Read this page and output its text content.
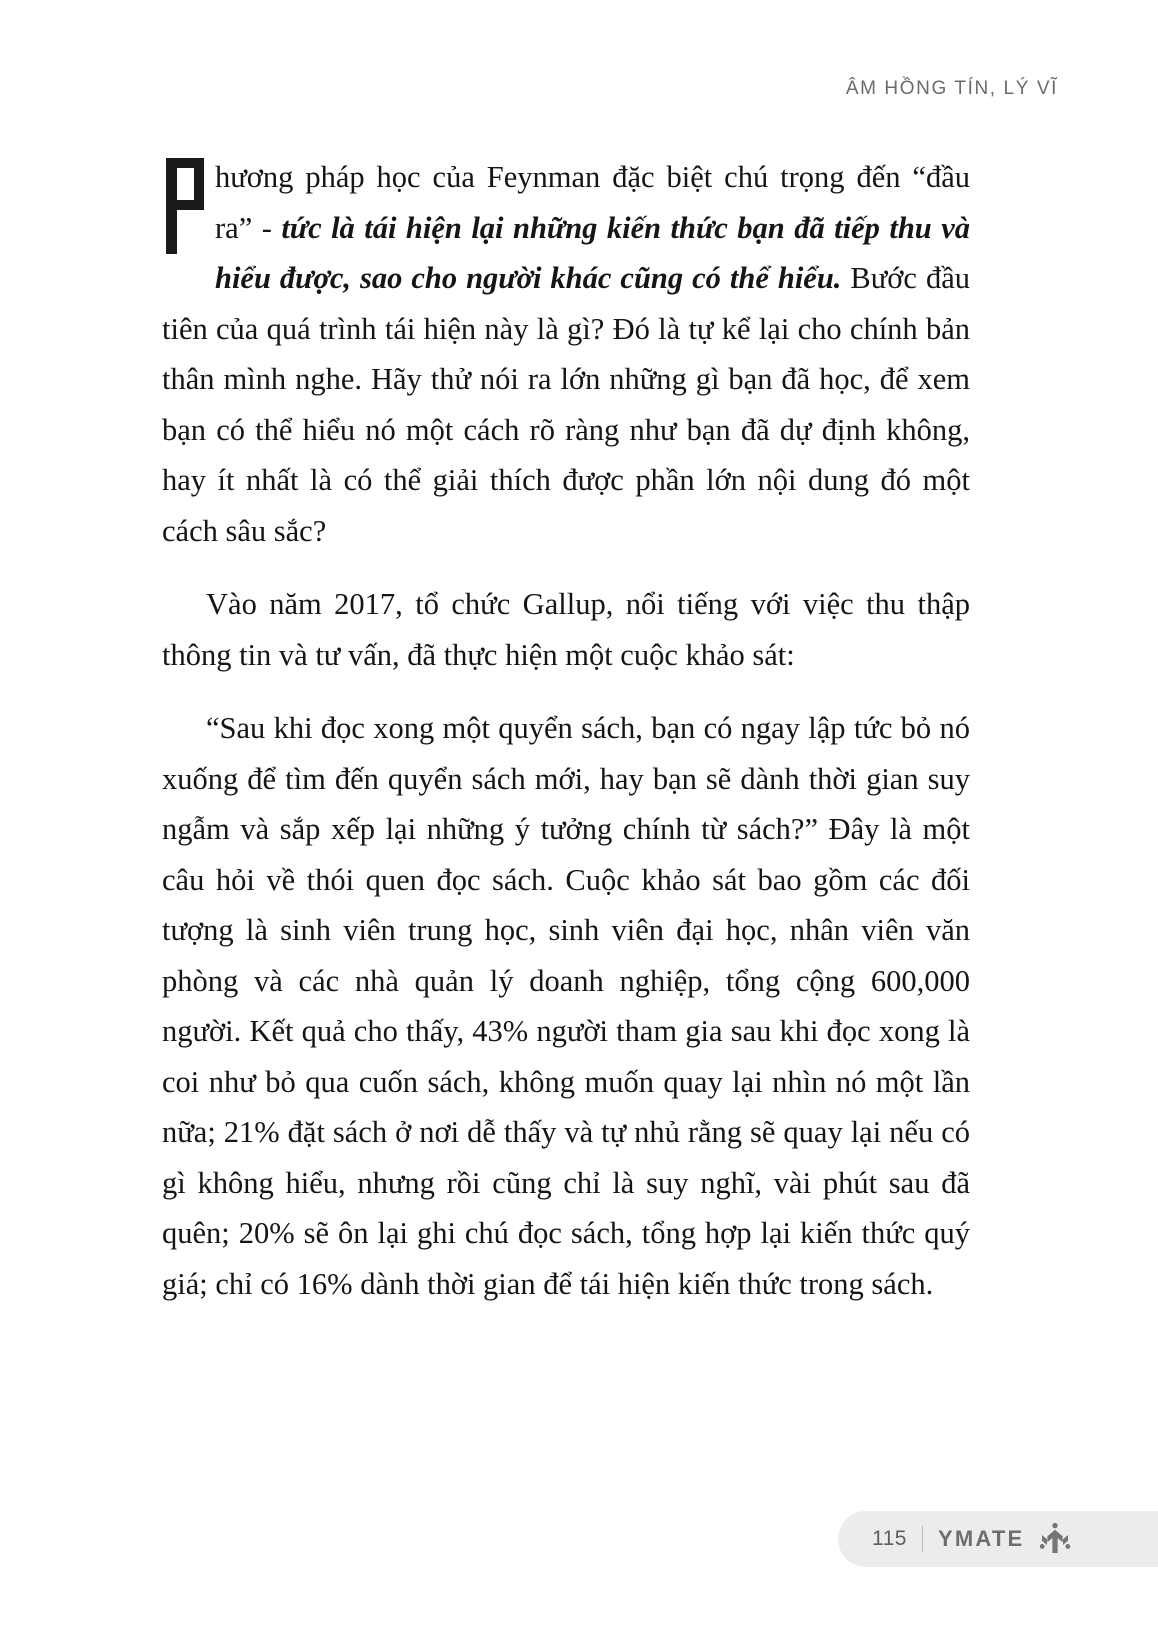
ÂM HỒNG TÍN, LÝ VĨ

hương pháp học của Feynman đặc biệt chú trọng đến “đầu ra” - tức là tái hiện lại những kiến thức bạn đã tiếp thu và hiểu được, sao cho người khác cũng có thể hiểu. Bước đầu tiên của quá trình tái hiện này là gì? Đó là tự kể lại cho chính bản thân mình nghe. Hãy thử nói ra lớn những gì bạn đã học, để xem bạn có thể hiểu nó một cách rõ ràng như bạn đã dự định không, hay ít nhất là có thể giải thích được phần lớn nội dung đó một cách sâu sắc?

Vào năm 2017, tổ chức Gallup, nổi tiếng với việc thu thập thông tin và tư vấn, đã thực hiện một cuộc khảo sát:

“Sau khi đọc xong một quyển sách, bạn có ngay lập tức bỏ nó xuống để tìm đến quyển sách mới, hay bạn sẽ dành thời gian suy ngẫm và sắp xếp lại những ý tưởng chính từ sách?” Đây là một câu hỏi về thói quen đọc sách. Cuộc khảo sát bao gồm các đối tượng là sinh viên trung học, sinh viên đại học, nhân viên văn phòng và các nhà quản lý doanh nghiệp, tổng cộng 600,000 người. Kết quả cho thấy, 43% người tham gia sau khi đọc xong là coi như bỏ qua cuốn sách, không muốn quay lại nhìn nó một lần nữa; 21% đặt sách ở nơi dễ thấy và tự nhủ rằng sẽ quay lại nếu có gì không hiểu, nhưng rồi cũng chỉ là suy nghĩ, vài phút sau đã quên; 20% sẽ ôn lại ghi chú đọc sách, tổng hợp lại kiến thức quý giá; chỉ có 16% dành thời gian để tái hiện kiến thức trong sách.

115 YMATE
